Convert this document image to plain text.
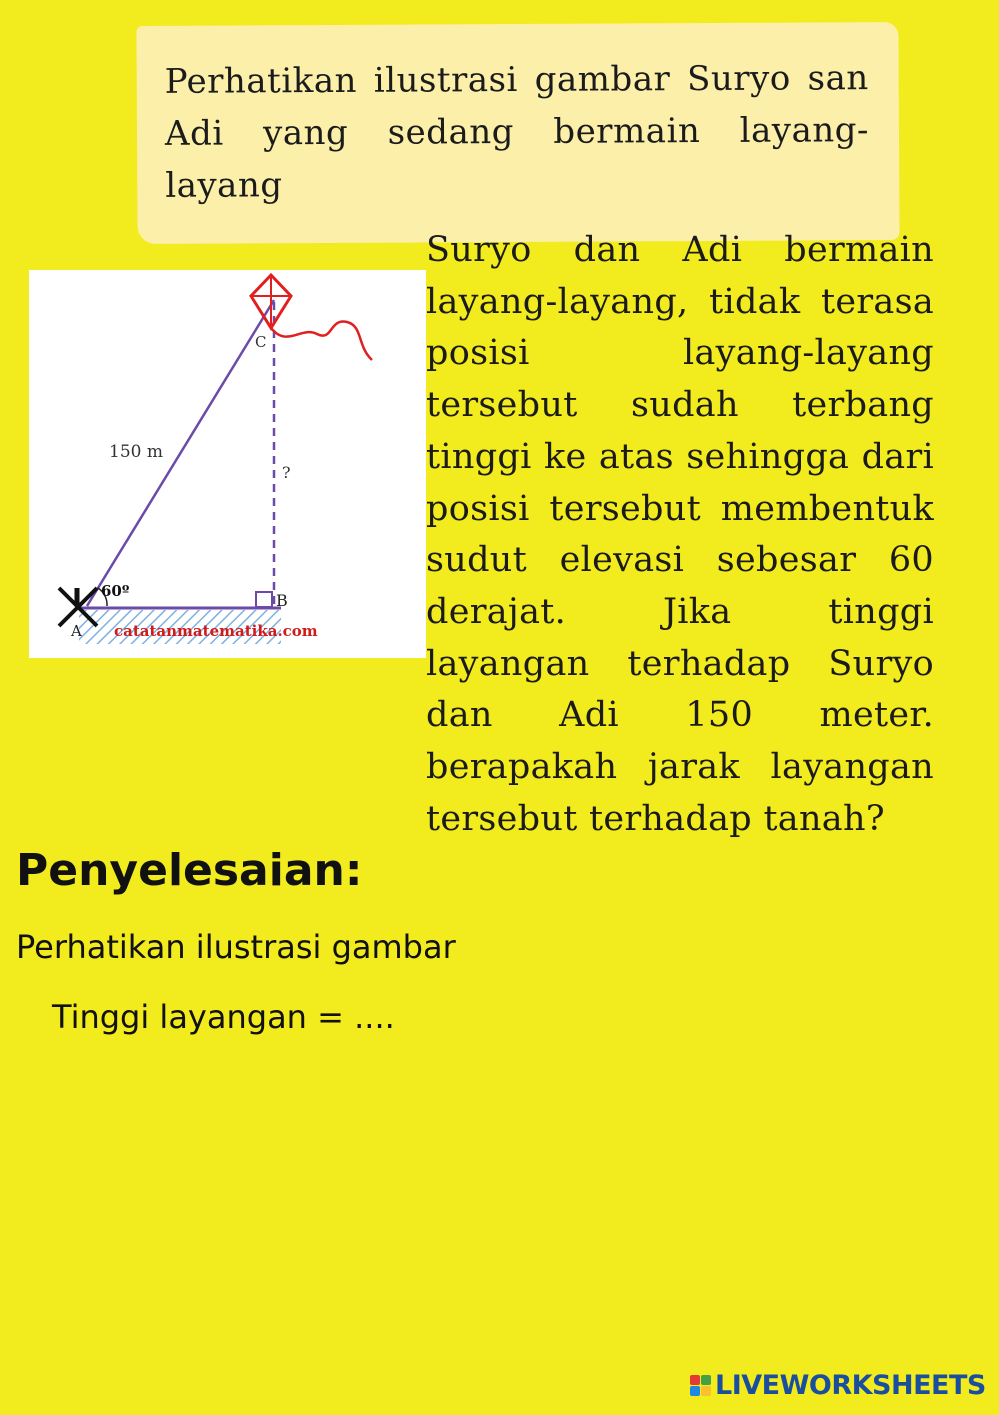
Perhatikan ilustrasi gambar Suryo san Adi yang sedang bermain layang-layang

C
150 m
?
60º	B
A catatanmatematika.com

Suryo dan Adi bermain layang-layang, tidak terasa posisi layang-layang tersebut sudah terbang tinggi ke atas sehingga dari posisi tersebut membentuk sudut elevasi sebesar 60 derajat. Jika tinggi layangan terhadap Suryo dan Adi 150 meter. berapakah jarak layangan tersebut terhadap tanah?

Penyelesaian:

Perhatikan ilustrasi gambar

Tinggi layangan = ....

LIVEWORKSHEETS
